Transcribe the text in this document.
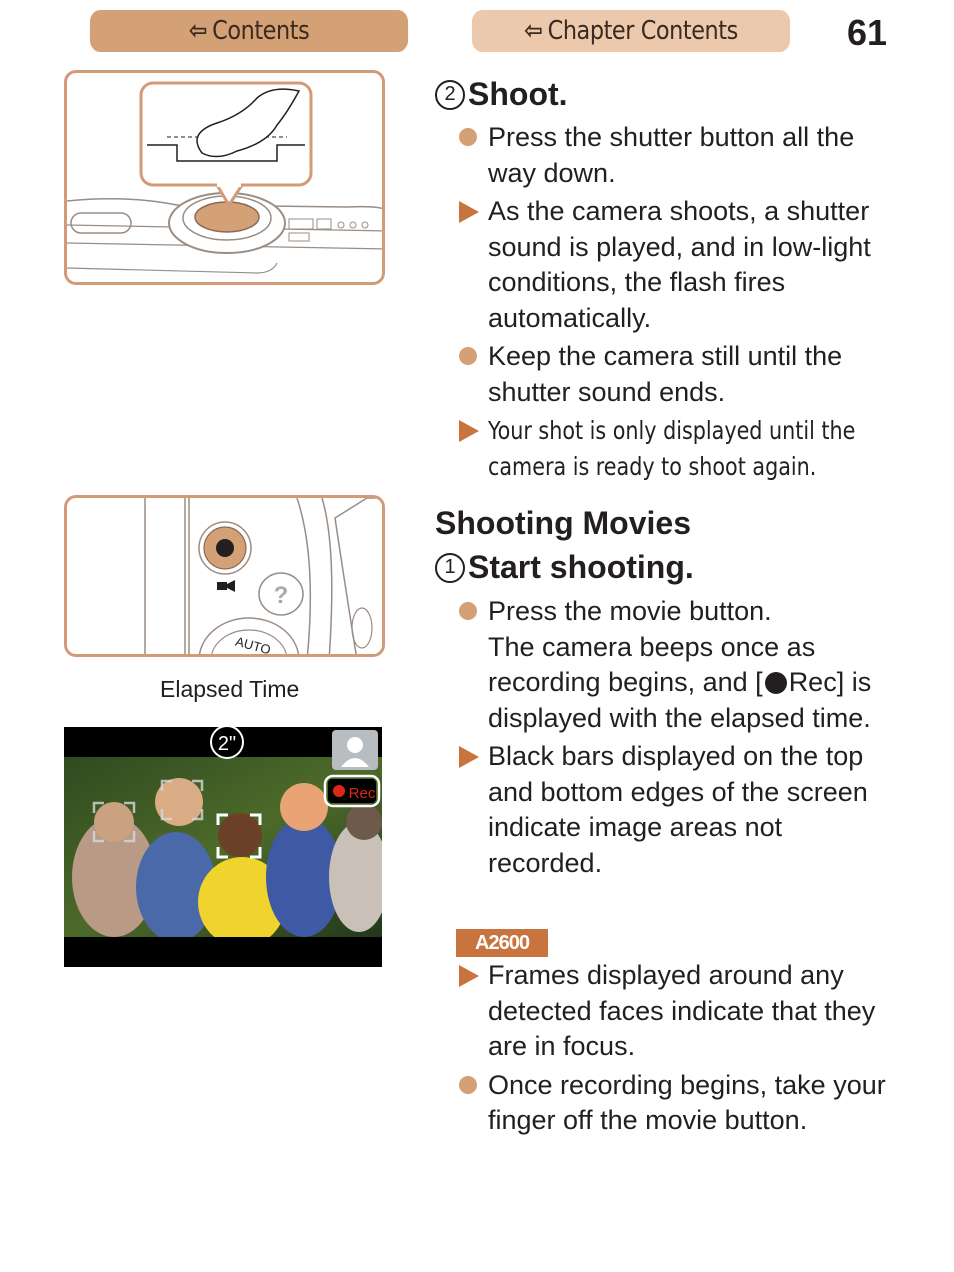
⇦ Contents	⇦ Chapter Contents	61
?
AUTO
Elapsed Time
2"
Rec
2 Shoot.
Press the shutter button all the way down.
As the camera shoots, a shutter sound is played, and in low-light conditions, the flash fires automatically.
Keep the camera still until the shutter sound ends.
Your shot is only displayed until the
camera is ready to shoot again.
Shooting Movies
1 Start shooting.
Press the movie button.
The camera beeps once as recording begins, and [ Rec] is displayed with the elapsed time.
Black bars displayed on the top and bottom edges of the screen indicate image areas not recorded.
A2600
Frames displayed around any detected faces indicate that they are in focus.
Once recording begins, take your finger off the movie button.
